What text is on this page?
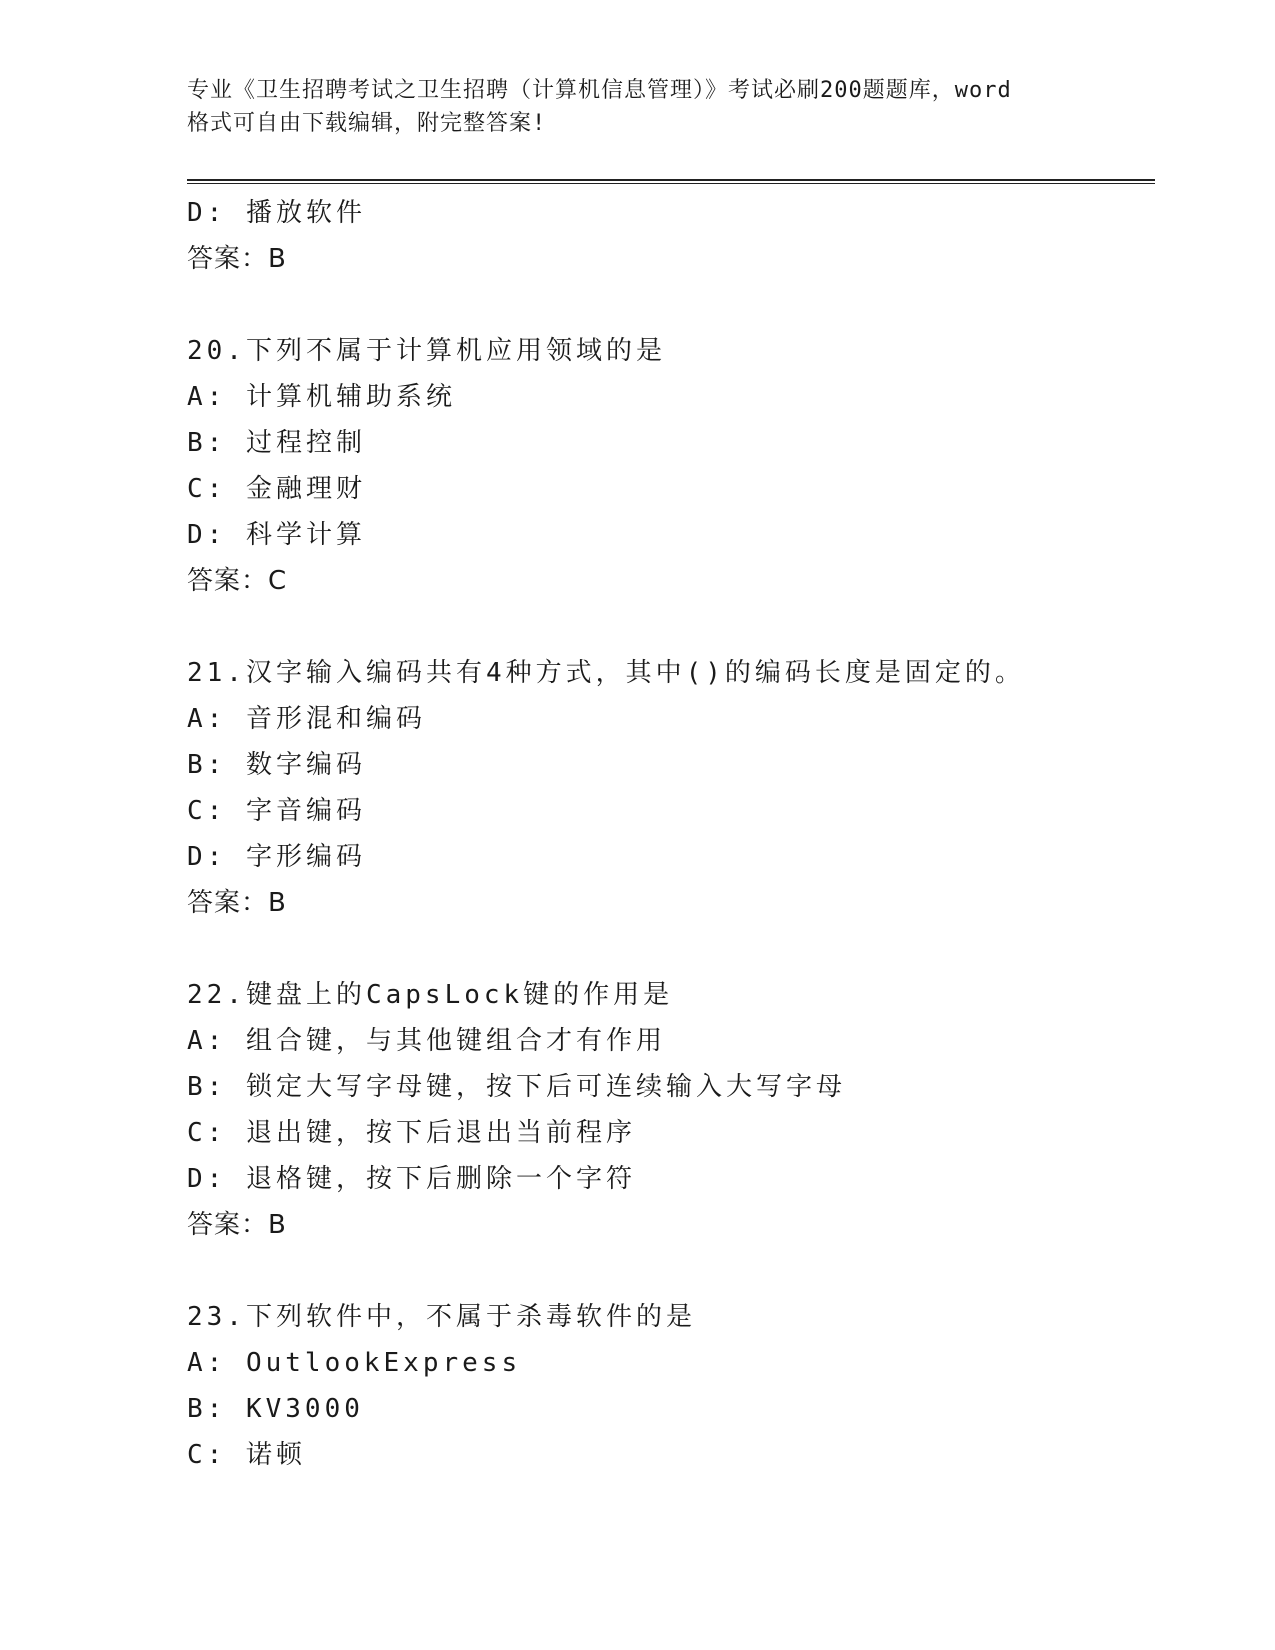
专业《卫生招聘考试之卫生招聘（计算机信息管理）》考试必刷200题题库，word
格式可自由下载编辑，附完整答案!
D: 播放软件
答案：B
20.下列不属于计算机应用领域的是
A: 计算机辅助系统
B: 过程控制
C: 金融理财
D: 科学计算
答案：C
21.汉字输入编码共有4种方式，其中()的编码长度是固定的。
A: 音形混和编码
B: 数字编码
C: 字音编码
D: 字形编码
答案：B
22.键盘上的CapsLock键的作用是
A: 组合键，与其他键组合才有作用
B: 锁定大写字母键，按下后可连续输入大写字母
C: 退出键，按下后退出当前程序
D: 退格键，按下后删除一个字符
答案：B
23.下列软件中，不属于杀毒软件的是
A: OutlookExpress
B: KV3000
C: 诺顿
